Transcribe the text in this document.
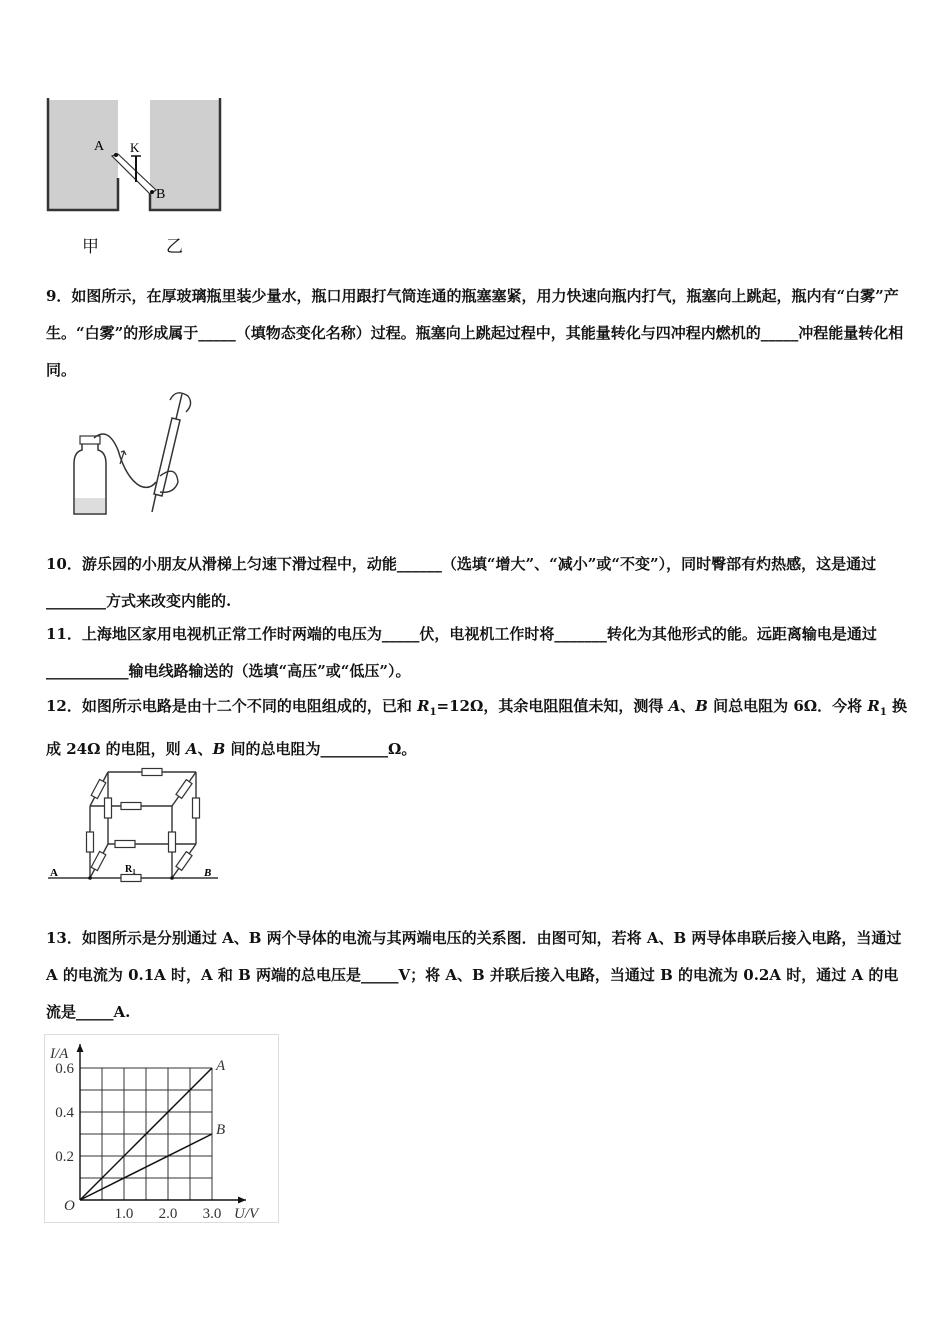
A K
B
甲	乙

9．如图所示，在厚玻璃瓶里装少量水，瓶口用跟打气筒连通的瓶塞塞紧，用力快速向瓶内打气，瓶塞向上跳起，瓶内有“白雾”产生。“白雾”的形成属于_____（填物态变化名称）过程。瓶塞向上跳起过程中，其能量转化与四冲程内燃机的_____冲程能量转化相同。

10．游乐园的小朋友从滑梯上匀速下滑过程中，动能______（选填“增大”、“减小”或“不变”），同时臀部有灼热感，这是通过________方式来改变内能的.

11．上海地区家用电视机正常工作时两端的电压为_____伏，电视机工作时将_______转化为其他形式的能。远距离输电是通过___________输电线路输送的（选填“高压”或“低压”）。

12．如图所示电路是由十二个不同的电阻组成的，已和 $R_1=12\Omega$，其余电阻阻值未知，测得 A、B 间总电阻为 6Ω．今将 $R_1$ 换成 24Ω 的电阻，则 A、B 间的总电阻为_________Ω。

A	B
$R_1$

13．如图所示是分别通过 A、B 两个导体的电流与其两端电压的关系图．由图可知，若将 A、B 两导体串联后接入电路，当通过 A 的电流为 0.1A 时，A 和 B 两端的总电压是_____V；将 A、B 并联后接入电路，当通过 B 的电流为 0.2A 时，通过 A 的电流是_____A.

A
B
1.0 2.0 3.0
0.2
0.4
0.6
O	U/V
I/A
